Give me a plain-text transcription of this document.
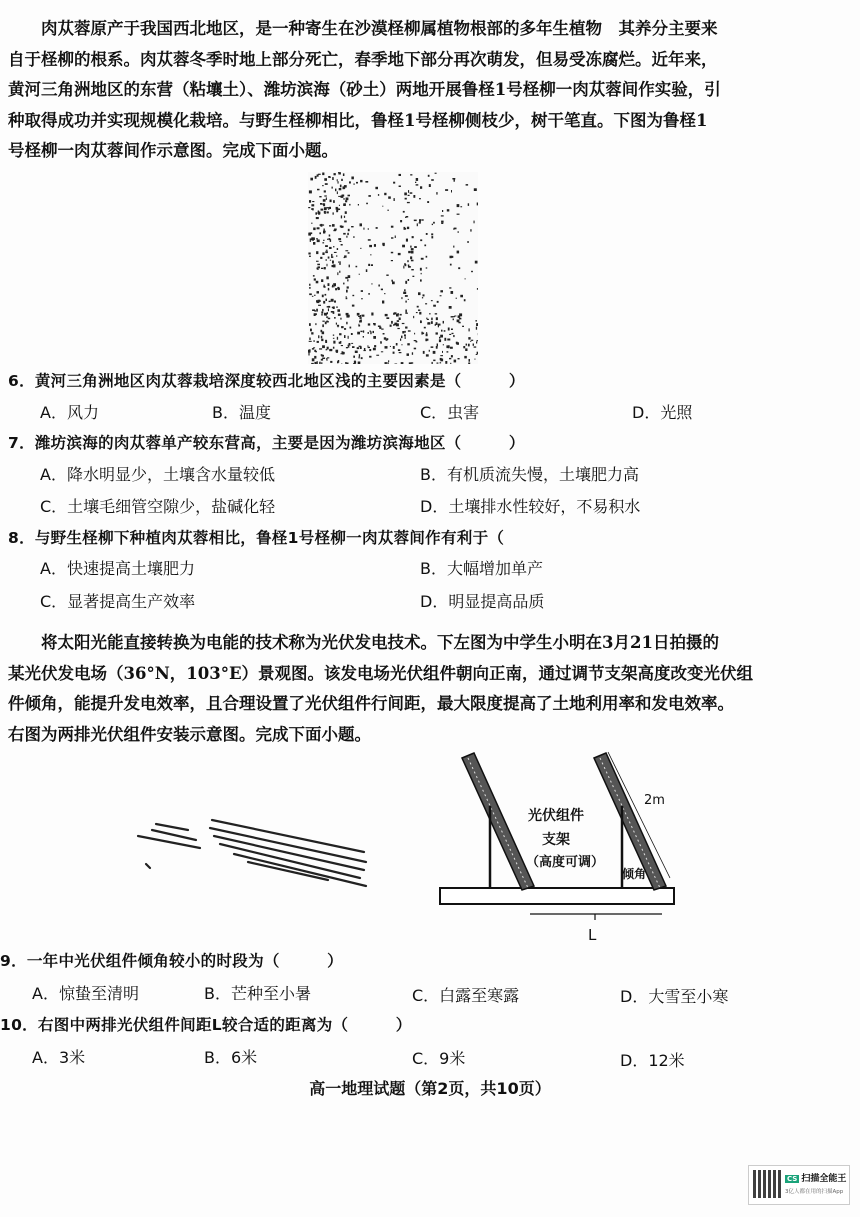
　　肉苁蓉原产于我国西北地区，是一种寄生在沙漠柽柳属植物根部的多年生植物　其养分主要来
自于柽柳的根系。肉苁蓉冬季时地上部分死亡，春季地下部分再次萌发，但易受冻腐烂。近年来，
黄河三角洲地区的东营（粘壤土）、潍坊滨海（砂土）两地开展鲁柽1号柽柳一肉苁蓉间作实验，引
种取得成功并实现规模化栽培。与野生柽柳相比，鲁柽1号柽柳侧枝少，树干笔直。下图为鲁柽1
号柽柳一肉苁蓉间作示意图。完成下面小题。
6．黄河三角洲地区肉苁蓉栽培深度较西北地区浅的主要因素是（　　　）
A．风力	B．温度	C．虫害	D．光照
7．潍坊滨海的肉苁蓉单产较东营高，主要是因为潍坊滨海地区（　　　）
A．降水明显少，土壤含水量较低	B．有机质流失慢，土壤肥力高
C．土壤毛细管空隙少，盐碱化轻	D．土壤排水性较好，不易积水
8．与野生柽柳下种植肉苁蓉相比，鲁柽1号柽柳一肉苁蓉间作有利于（
A．快速提高土壤肥力	B．大幅增加单产
C．显著提高生产效率	D．明显提高品质
　　将太阳光能直接转换为电能的技术称为光伏发电技术。下左图为中学生小明在3月21日拍摄的
某光伏发电场（36°N，103°E）景观图。该发电场光伏组件朝向正南，通过调节支架高度改变光伏组
件倾角，能提升发电效率，且合理设置了光伏组件行间距，最大限度提高了土地利用率和发电效率。
右图为两排光伏组件安装示意图。完成下面小题。
2m
光伏组件
支架
（高度可调）
倾角
L
9．一年中光伏组件倾角较小的时段为（　　　）
A．惊蛰至清明	B．芒种至小暑	C．白露至寒露	D．大雪至小寒
10．右图中两排光伏组件间距L较合适的距离为（　　　）
A．3米	B．6米	C．9米	D．12米
高一地理试题（第2页，共10页）
CS 扫描全能王
3亿人都在用的扫描App
